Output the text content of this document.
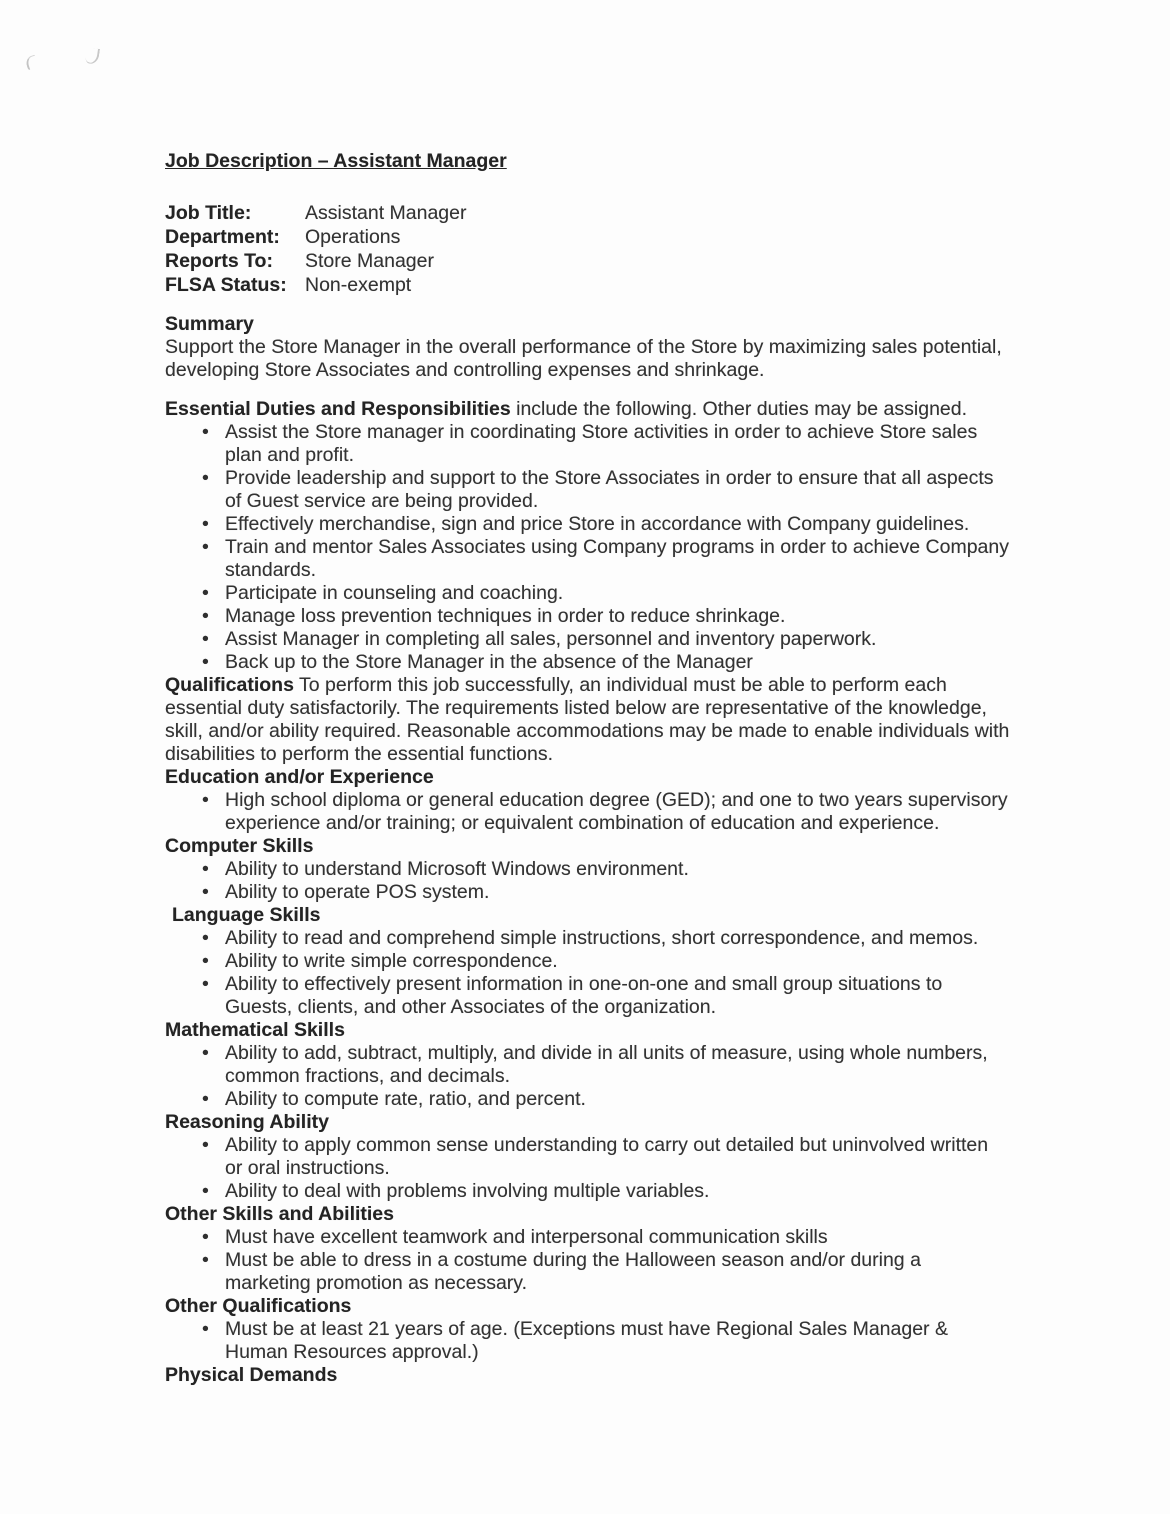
Job Description – Assistant Manager
Job Title:	Assistant Manager
Department:	Operations
Reports To:	Store Manager
FLSA Status: Non-exempt
Summary

Support the Store Manager in the overall performance of the Store by maximizing sales potential, developing Store Associates and controlling expenses and shrinkage.

Essential Duties and Responsibilities include the following. Other duties may be assigned.

• Assist the Store manager in coordinating Store activities in order to achieve Store sales plan and profit.
• Provide leadership and support to the Store Associates in order to ensure that all aspects of Guest service are being provided.
• Effectively merchandise, sign and price Store in accordance with Company guidelines.
• Train and mentor Sales Associates using Company programs in order to achieve Company standards.
• Participate in counseling and coaching.
• Manage loss prevention techniques in order to reduce shrinkage.
• Assist Manager in completing all sales, personnel and inventory paperwork.
• Back up to the Store Manager in the absence of the Manager

Qualifications To perform this job successfully, an individual must be able to perform each essential duty satisfactorily. The requirements listed below are representative of the knowledge, skill, and/or ability required. Reasonable accommodations may be made to enable individuals with disabilities to perform the essential functions.

Education and/or Experience
• High school diploma or general education degree (GED); and one to two years supervisory experience and/or training; or equivalent combination of education and experience.
Computer Skills
• Ability to understand Microsoft Windows environment.
• Ability to operate POS system.
Language Skills
• Ability to read and comprehend simple instructions, short correspondence, and memos.
• Ability to write simple correspondence.
• Ability to effectively present information in one-on-one and small group situations to Guests, clients, and other Associates of the organization.
Mathematical Skills
• Ability to add, subtract, multiply, and divide in all units of measure, using whole numbers, common fractions, and decimals.
• Ability to compute rate, ratio, and percent.
Reasoning Ability
• Ability to apply common sense understanding to carry out detailed but uninvolved written or oral instructions.
• Ability to deal with problems involving multiple variables.
Other Skills and Abilities
• Must have excellent teamwork and interpersonal communication skills
• Must be able to dress in a costume during the Halloween season and/or during a marketing promotion as necessary.
Other Qualifications
• Must be at least 21 years of age. (Exceptions must have Regional Sales Manager & Human Resources approval.)
Physical Demands
